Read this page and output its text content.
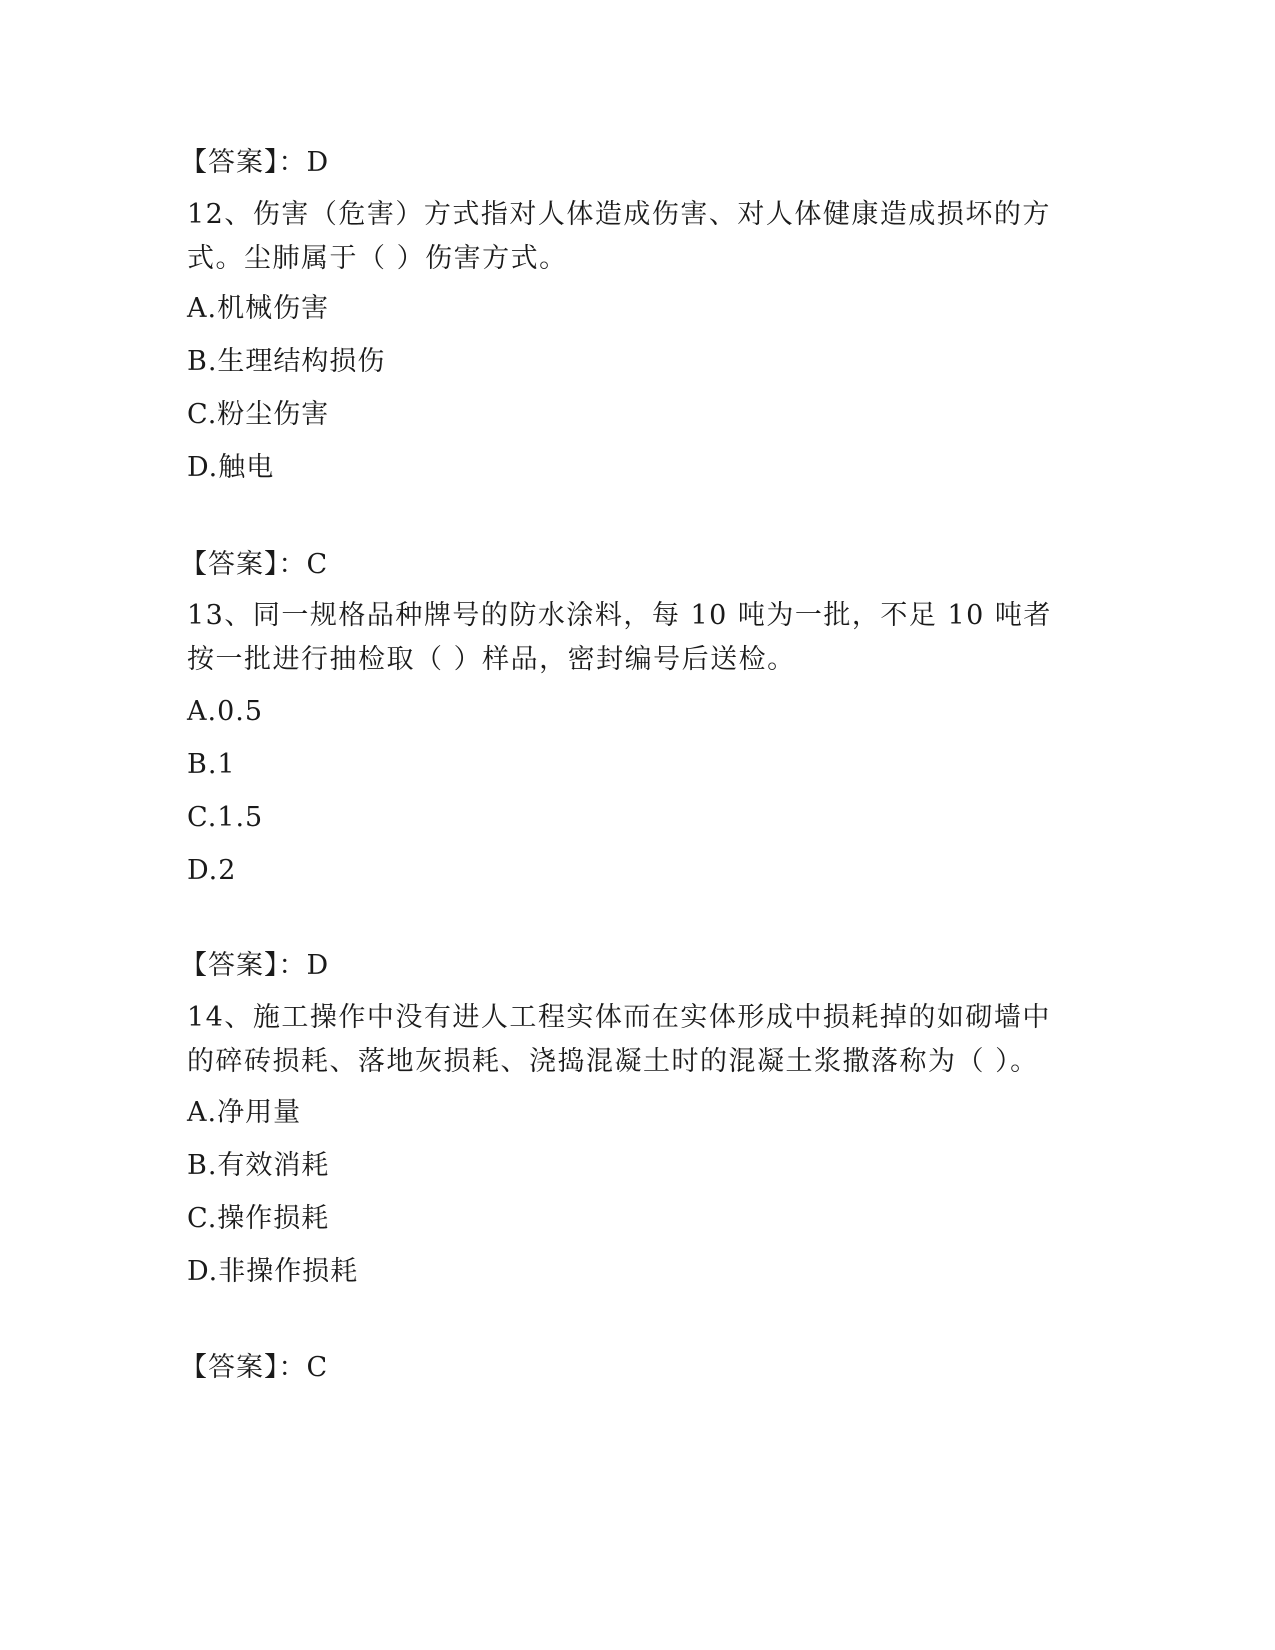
【答案】：D
12、伤害（危害）方式指对人体造成伤害、对人体健康造成损坏的方式。尘肺属于（ ）伤害方式。
A.机械伤害
B.生理结构损伤
C.粉尘伤害
D.触电
【答案】：C
13、同一规格品种牌号的防水涂料，每 10 吨为一批，不足 10 吨者按一批进行抽检取（ ）样品，密封编号后送检。
A.0.5
B.1
C.1.5
D.2
【答案】：D
14、施工操作中没有进人工程实体而在实体形成中损耗掉的如砌墙中的碎砖损耗、落地灰损耗、浇捣混凝土时的混凝土浆撒落称为（ ）。
A.净用量
B.有效消耗
C.操作损耗
D.非操作损耗
【答案】：C
